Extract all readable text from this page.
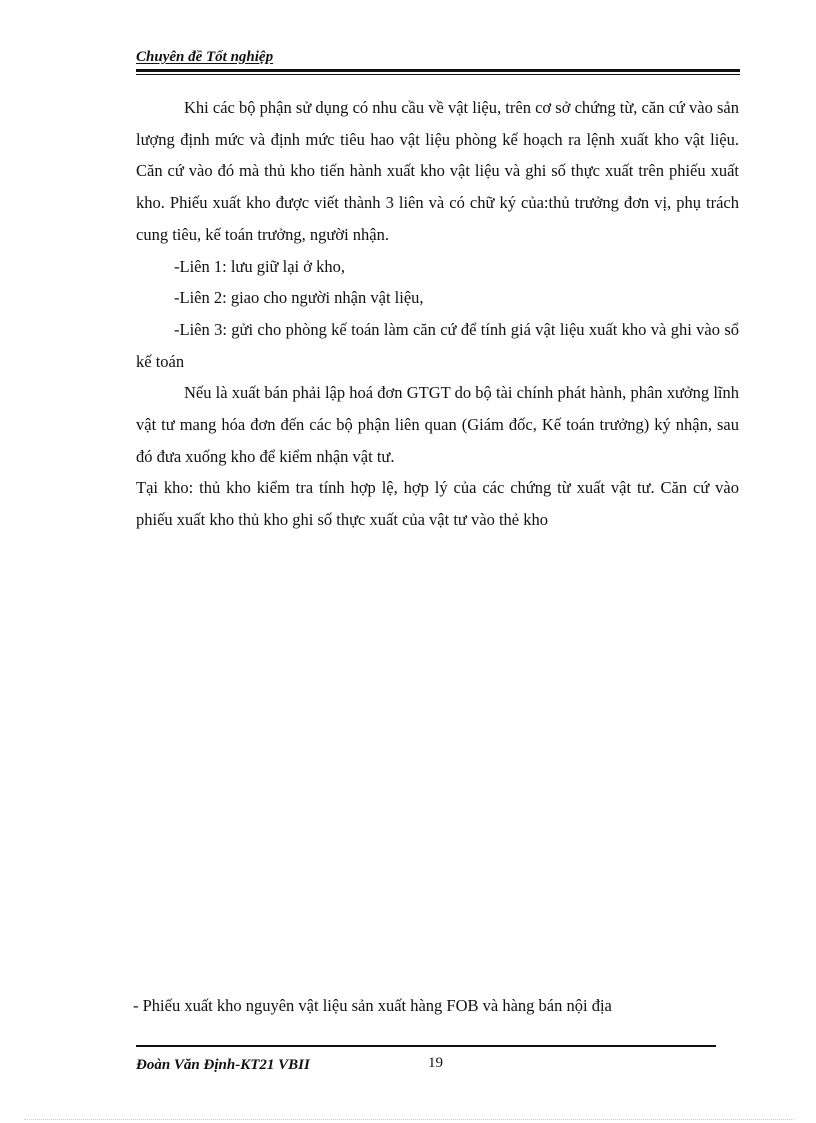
Chuyên đề Tốt nghiệp

Khi các bộ phận sử dụng có nhu cầu về vật liệu, trên cơ sở chứng từ, căn cứ vào sản lượng định mức và định mức tiêu hao vật liệu phòng kế hoạch ra lệnh xuất kho vật liệu. Căn cứ vào đó mà thủ kho tiến hành xuất kho vật liệu và ghi số thực xuất trên phiếu xuất kho. Phiếu xuất kho được viết thành 3 liên và có chữ ký của:thủ trưởng đơn vị, phụ trách cung tiêu, kế toán trưởng, người nhận.

-Liên 1: lưu giữ lại ở kho,

-Liên 2: giao cho người nhận vật liệu,

-Liên 3: gửi cho phòng kế toán làm căn cứ để tính giá vật liệu xuất kho và ghi vào sổ kế toán

Nếu là xuất bán phải lập hoá đơn GTGT do bộ tài chính phát hành, phân xưởng lĩnh vật tư mang hóa đơn đến các bộ phận liên quan (Giám đốc, Kế toán trưởng) ký nhận, sau đó đưa xuống kho để kiểm nhận vật tư.

Tại kho: thủ kho kiểm tra tính hợp lệ, hợp lý của các chứng từ xuất vật tư. Căn cứ vào phiếu xuất kho thủ kho ghi số thực xuất của vật tư vào thẻ kho

- Phiếu xuất kho nguyên vật liệu sản xuất hàng FOB và hàng bán nội địa

Đoàn Văn Định-KT21 VBII	19
